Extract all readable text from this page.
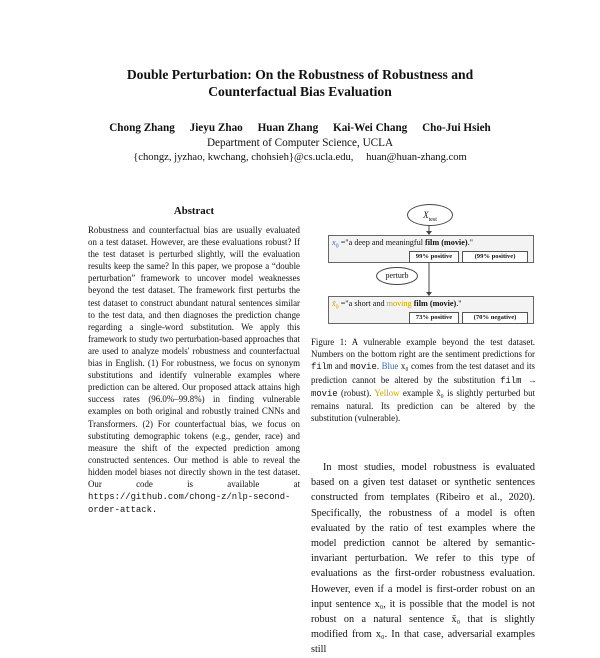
Double Perturbation: On the Robustness of Robustness and
Counterfactual Bias Evaluation
Chong Zhang Jieyu Zhao Huan Zhang Kai-Wei Chang Cho-Jui Hsieh
Department of Computer Science, UCLA
{chongz, jyzhao, kwchang, chohsieh}@cs.ucla.edu, huan@huan-zhang.com
Abstract

Robustness and counterfactual bias are usually evaluated on a test dataset. However, are these evaluations robust? If the test dataset is perturbed slightly, will the evaluation results keep the same? In this paper, we propose a “double perturbation” framework to uncover model weaknesses beyond the test dataset. The framework first perturbs the test dataset to construct abundant natural sentences similar to the test data, and then diagnoses the prediction change regarding a single-word substitution. We apply this framework to study two perturbation-based approaches that are used to analyze models' robustness and counterfactual bias in English. (1) For robustness, we focus on synonym substitutions and identify vulnerable examples where prediction can be altered. Our proposed attack attains high success rates (96.0%–99.8%) in finding vulnerable examples on both original and robustly trained CNNs and Transformers. (2) For counterfactual bias, we focus on substituting demographic tokens (e.g., gender, race) and measure the shift of the expected prediction among constructed sentences. Our method is able to reveal the hidden model biases not directly shown in the test dataset. Our code is available at https://github.com/chong-z/nlp-second-order-attack.

$X_{test}$
$x_0$ ="a deep and meaningful film (movie)."
99% positive	(99% positive)
perturb
$x̃_0$ ="a short and moving film (movie)."
73% positive	(70% negative)

Figure 1: A vulnerable example beyond the test dataset. Numbers on the bottom right are the sentiment predictions for film and movie. Blue x₀ comes from the test dataset and its prediction cannot be altered by the substitution film → movie (robust). Yellow example x̃₀ is slightly perturbed but remains natural. Its prediction can be altered by the substitution (vulnerable).

In most studies, model robustness is evaluated based on a given test dataset or synthetic sentences constructed from templates (Ribeiro et al., 2020). Specifically, the robustness of a model is often evaluated by the ratio of test examples where the model prediction cannot be altered by semantic-invariant perturbation. We refer to this type of evaluations as the first-order robustness evaluation. However, even if a model is first-order robust on an input sentence x₀, it is possible that the model is not robust on a natural sentence x̃₀ that is slightly modified from x₀. In that case, adversarial examples still
